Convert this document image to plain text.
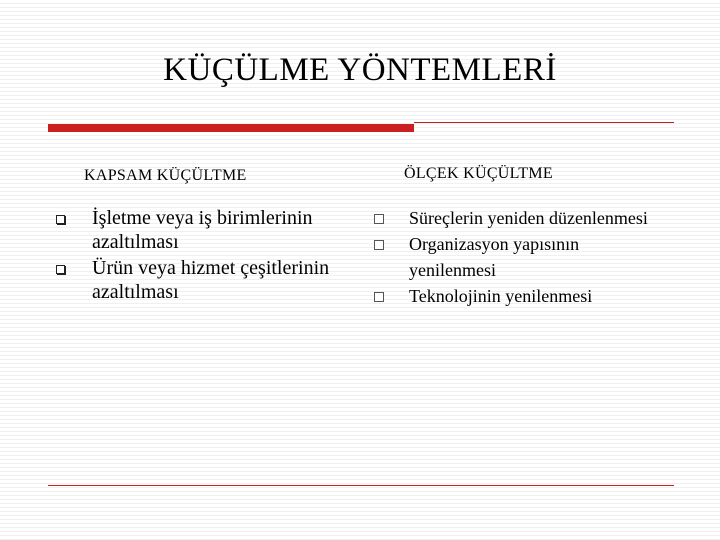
KÜÇÜLME YÖNTEMLERİ
KAPSAM KÜÇÜLTME
İşletme veya iş birimlerinin azaltılması
Ürün veya hizmet çeşitlerinin azaltılması
ÖLÇEK KÜÇÜLTME
Süreçlerin yeniden düzenlenmesi
Organizasyon yapısının yenilenmesi
Teknolojinin yenilenmesi
